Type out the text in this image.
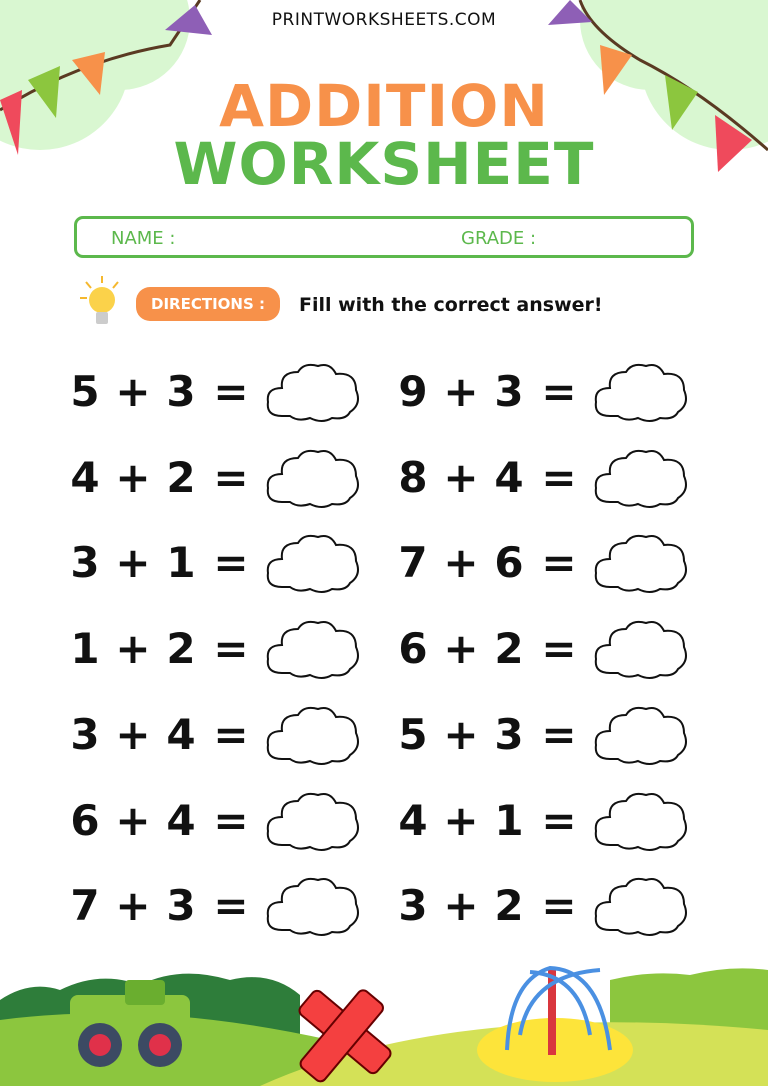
PRINTWORKSHEETS.COM
ADDITION
WORKSHEET
NAME :	GRADE :
DIRECTIONS :	Fill with the correct answer!
5 + 3 =
4 + 2 =
3 + 1 =
1 + 2 =
3 + 4 =
6 + 4 =
7 + 3 =
9 + 3 =
8 + 4 =
7 + 6 =
6 + 2 =
5 + 3 =
4 + 1 =
3 + 2 =
